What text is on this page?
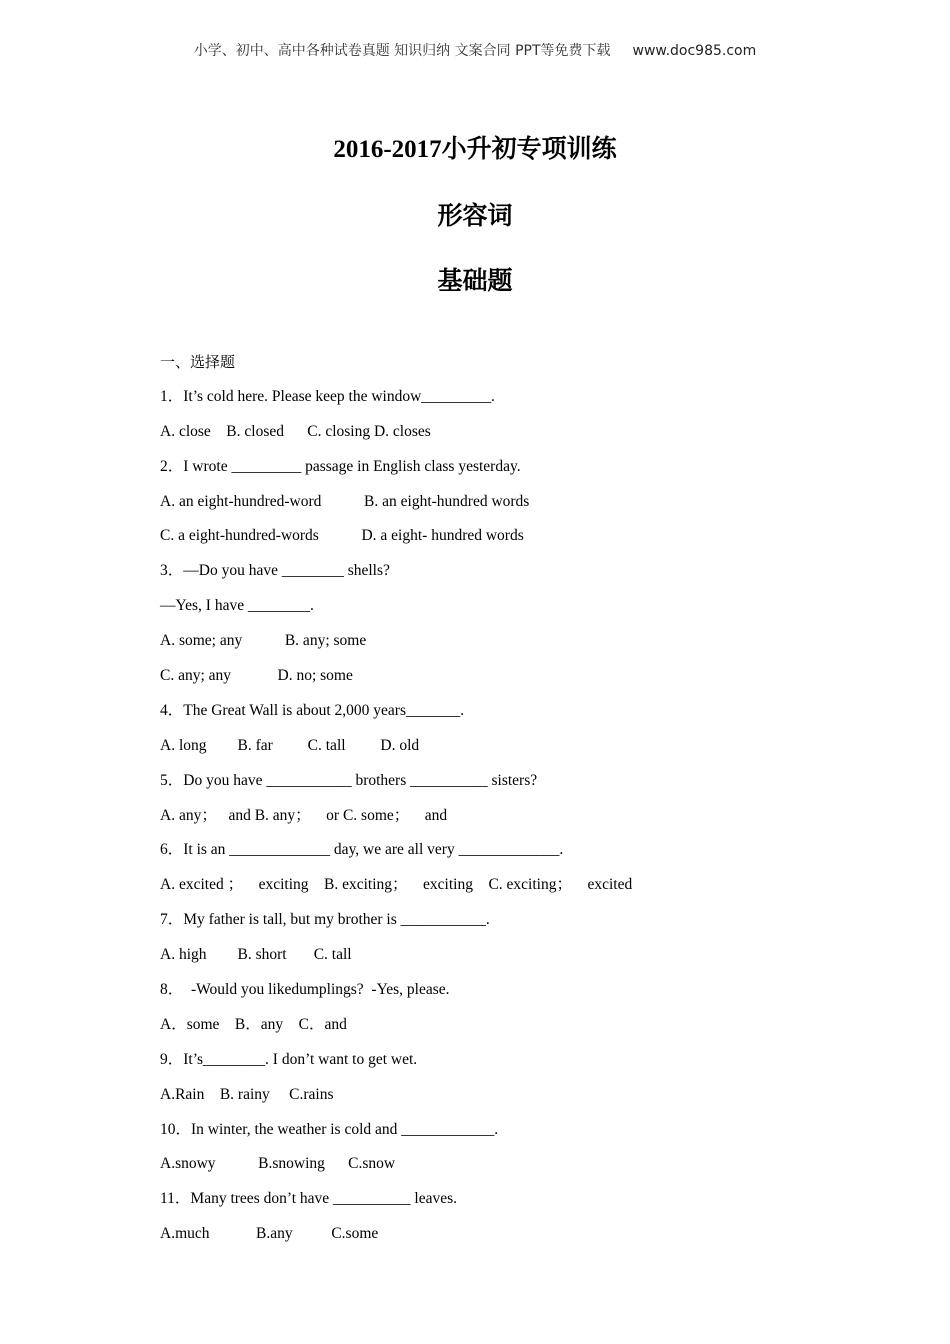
小学、初中、高中各种试卷真题 知识归纳 文案合同 PPT等免费下载 www.doc985.com
2016-2017小升初专项训练
形容词
基础题
一、选择题
1．It’s cold here. Please keep the window_________.
A. close    B. closed      C. closing D. closes
2．I wrote _________ passage in English class yesterday.
A. an eight-hundred-word           B. an eight-hundred words
C. a eight-hundred-words           D. a eight- hundred words
3．—Do you have ________ shells?
—Yes, I have ________.
A. some; any           B. any; some
C. any; any            D. no; some
4．The Great Wall is about 2,000 years_______.
A. long        B. far         C. tall         D. old
5．Do you have ___________ brothers __________ sisters?
A. any；   and B. any；    or C. some；    and
6．It is an _____________ day, we are all very _____________.
A. excited ；    exciting    B. exciting；    exciting    C. exciting；    excited
7．My father is tall, but my brother is ___________.
A. high        B. short       C. tall
8．  -Would you likedumplings?  -Yes, please.
A．some    B．any    C．and
9．It’s________. I don’t want to get wet.
A.Rain    B. rainy     C.rains
10．In winter, the weather is cold and ____________.
A.snowy           B.snowing      C.snow
11．Many trees don’t have __________ leaves.
A.much            B.any          C.some
